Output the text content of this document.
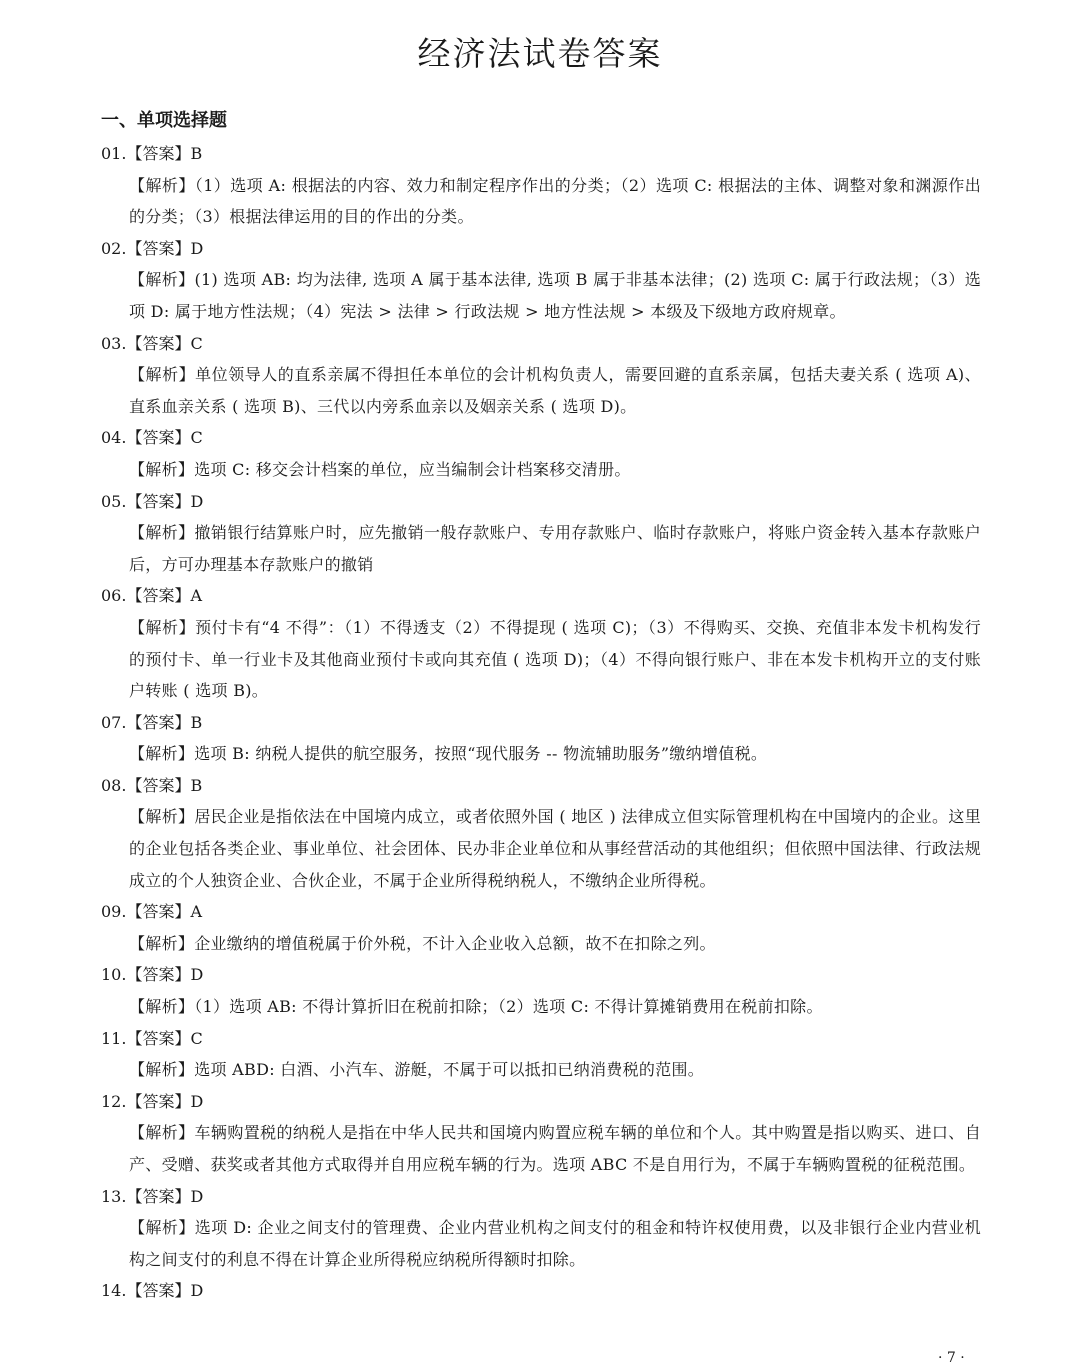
经济法试卷答案
一、单项选择题
01.【答案】B
【解析】（1）选项 A: 根据法的内容、效力和制定程序作出的分类；（2）选项 C: 根据法的主体、调整对象和渊源作出的分类；（3）根据法律运用的目的作出的分类。
02.【答案】D
【解析】(1) 选项 AB: 均为法律, 选项 A 属于基本法律, 选项 B 属于非基本法律；(2) 选项 C: 属于行政法规；（3）选项 D: 属于地方性法规；（4）宪法 > 法律 > 行政法规 > 地方性法规 > 本级及下级地方政府规章。
03.【答案】C
【解析】单位领导人的直系亲属不得担任本单位的会计机构负责人，需要回避的直系亲属，包括夫妻关系 ( 选项 A)、直系血亲关系 ( 选项 B)、三代以内旁系血亲以及姻亲关系 ( 选项 D)。
04.【答案】C
【解析】选项 C: 移交会计档案的单位，应当编制会计档案移交清册。
05.【答案】D
【解析】撤销银行结算账户时，应先撤销一般存款账户、专用存款账户、临时存款账户，将账户资金转入基本存款账户后，方可办理基本存款账户的撤销
06.【答案】A
【解析】预付卡有“4 不得”：（1）不得透支（2）不得提现 ( 选项 C)；（3）不得购买、交换、充值非本发卡机构发行的预付卡、单一行业卡及其他商业预付卡或向其充值 ( 选项 D)；（4）不得向银行账户、非在本发卡机构开立的支付账户转账 ( 选项 B)。
07.【答案】B
【解析】选项 B: 纳税人提供的航空服务，按照“现代服务 -- 物流辅助服务”缴纳增值税。
08.【答案】B
【解析】居民企业是指依法在中国境内成立，或者依照外国 ( 地区 ) 法律成立但实际管理机构在中国境内的企业。这里的企业包括各类企业、事业单位、社会团体、民办非企业单位和从事经营活动的其他组织；但依照中国法律、行政法规成立的个人独资企业、合伙企业，不属于企业所得税纳税人，不缴纳企业所得税。
09.【答案】A
【解析】企业缴纳的增值税属于价外税，不计入企业收入总额，故不在扣除之列。
10.【答案】D
【解析】（1）选项 AB: 不得计算折旧在税前扣除；（2）选项 C: 不得计算摊销费用在税前扣除。
11.【答案】C
【解析】选项 ABD: 白酒、小汽车、游艇，不属于可以抵扣已纳消费税的范围。
12.【答案】D
【解析】车辆购置税的纳税人是指在中华人民共和国境内购置应税车辆的单位和个人。其中购置是指以购买、进口、自产、受赠、获奖或者其他方式取得并自用应税车辆的行为。选项 ABC 不是自用行为，不属于车辆购置税的征税范围。
13.【答案】D
【解析】选项 D: 企业之间支付的管理费、企业内营业机构之间支付的租金和特许权使用费，以及非银行企业内营业机构之间支付的利息不得在计算企业所得税应纳税所得额时扣除。
14.【答案】D
· 7 ·
